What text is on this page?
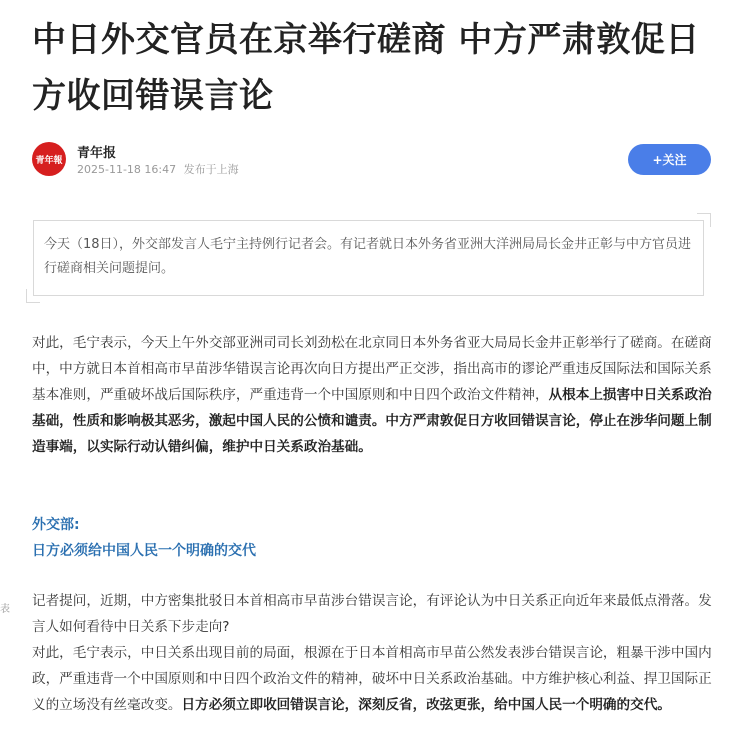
中日外交官员在京举行磋商 中方严肃敦促日方收回错误言论
青年報 青年报
2025-11-18 16:47 发布于上海
+关注
今天（18日），外交部发言人毛宁主持例行记者会。有记者就日本外务省亚洲大洋洲局局长金井正彰与中方官员进行磋商相关问题提问。

对此，毛宁表示，今天上午外交部亚洲司司长刘劲松在北京同日本外务省亚大局局长金井正彰举行了磋商。在磋商中，中方就日本首相高市早苗涉华错误言论再次向日方提出严正交涉，指出高市的谬论严重违反国际法和国际关系基本准则，严重破坏战后国际秩序，严重违背一个中国原则和中日四个政治文件精神，从根本上损害中日关系政治基础，性质和影响极其恶劣，激起中国人民的公愤和谴责。中方严肃敦促日方收回错误言论，停止在涉华问题上制造事端，以实际行动认错纠偏，维护中日关系政治基础。

外交部:
日方必须给中国人民一个明确的交代
表

记者提问，近期，中方密集批驳日本首相高市早苗涉台错误言论，有评论认为中日关系正向近年来最低点滑落。发言人如何看待中日关系下步走向?

对此，毛宁表示，中日关系出现目前的局面，根源在于日本首相高市早苗公然发表涉台错误言论，粗暴干涉中国内政，严重违背一个中国原则和中日四个政治文件的精神，破坏中日关系政治基础。中方维护核心利益、捍卫国际正义的立场没有丝毫改变。日方必须立即收回错误言论，深刻反省，改弦更张，给中国人民一个明确的交代。
